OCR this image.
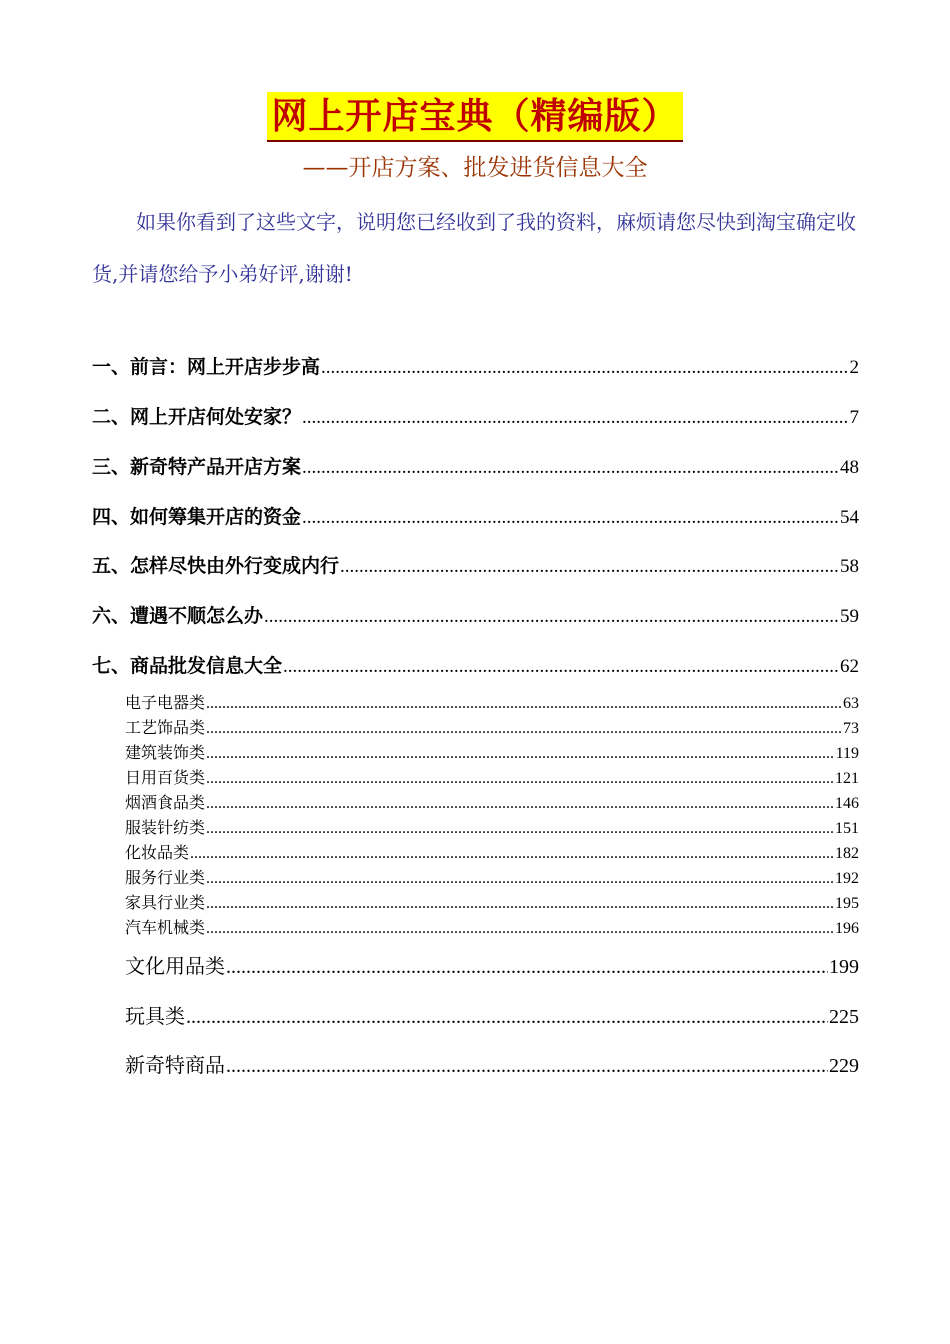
网上开店宝典（精编版）
——开店方案、批发进货信息大全

如果你看到了这些文字，说明您已经收到了我的资料，麻烦请您尽快到淘宝确定收货,并请您给予小弟好评,谢谢!

一、前言：网上开店步步高 .....	2
二、网上开店何处安家？ .....	7
三、新奇特产品开店方案 .....	48
四、如何筹集开店的资金 .....	54
五、怎样尽快由外行变成内行 .....	58
六、遭遇不顺怎么办 .....	59
七、商品批发信息大全 .....	62
电子电器类 .....	63
工艺饰品类 .....	73
建筑装饰类 .....	119
日用百货类 .....	121
烟酒食品类 .....	146
服装针纺类 .....	151
化妆品类 .....	182
服务行业类 .....	192
家具行业类 .....	195
汽车机械类 .....	196
文化用品类 .....	199
玩具类 .....	225
新奇特商品 .....	229
